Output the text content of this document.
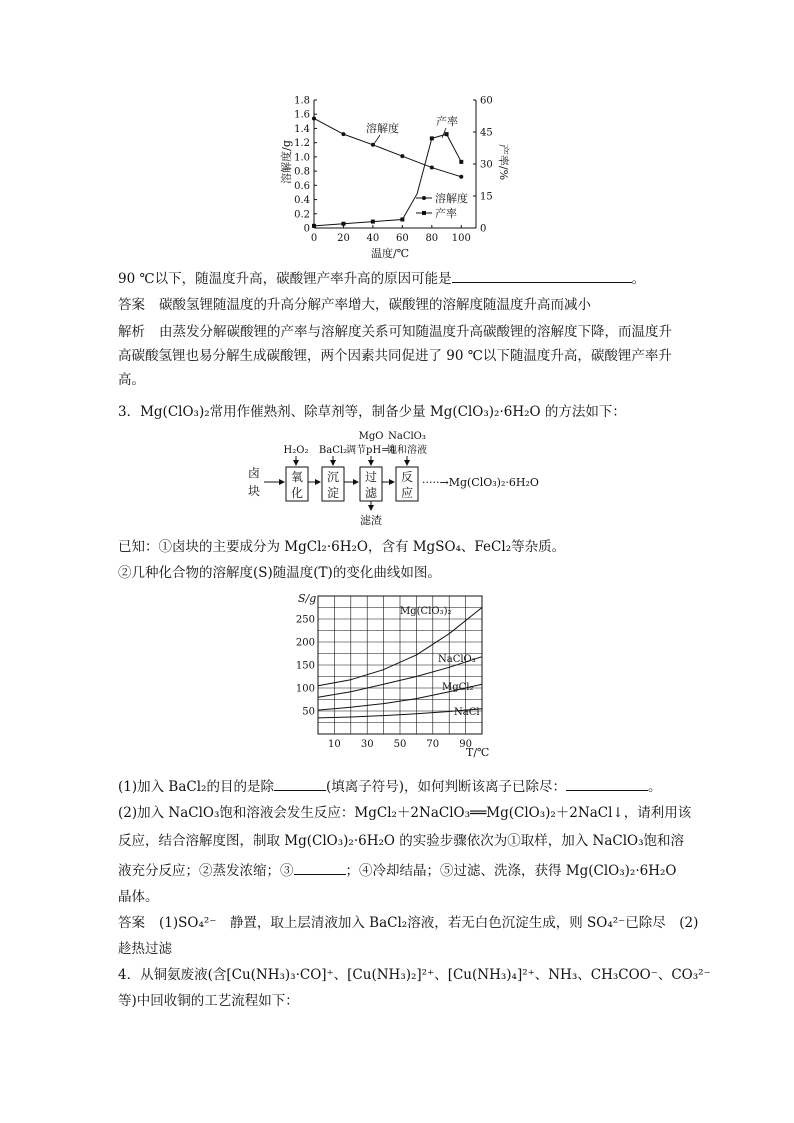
0
0.2
0.4
0.6
0.8
1.0
1.2
1.4
1.6
1.8
0
15
30
45
60
0 20 40 60 80 100
溶解度/g	产率/%
温度/℃
溶解度
产率
溶解度
产率
90 ℃以下，随温度升高，碳酸锂产率升高的原因可能是	。
答案 碳酸氢锂随温度的升高分解产率增大，碳酸锂的溶解度随温度升高而减小
解析 由蒸发分解碳酸锂的产率与溶解度关系可知随温度升高碳酸锂的溶解度下降，而温度升高碳酸氢锂也易分解生成碳酸锂，两个因素共同促进了 90 ℃以下随温度升高，碳酸锂产率升高。
3．Mg(ClO₃)₂常用作催熟剂、除草剂等，制备少量 Mg(ClO₃)₂·6H₂O 的方法如下：
卤
块
H₂O₂
氧
化
BaCl₂
沉
淀
MgO
调节pH=4
过
滤
滤渣
NaClO₃
饱和溶液
反
应
·····→Mg(ClO₃)₂·6H₂O
已知：①卤块的主要成分为 MgCl₂·6H₂O，含有 MgSO₄、FeCl₂等杂质。
②几种化合物的溶解度(S)随温度(T)的变化曲线如图。
50
100
150
200
250
10 30 50 70 90
S/g
T/℃
Mg(ClO₃)₂
NaClO₃
MgCl₂
NaCl
(1)加入 BaCl₂的目的是除	(填离子符号)，如何判断该离子已除尽：	。
(2)加入 NaClO₃饱和溶液会发生反应：MgCl₂＋2NaClO₃══Mg(ClO₃)₂＋2NaCl↓，请利用该
反应，结合溶解度图，制取 Mg(ClO₃)₂·6H₂O 的实验步骤依次为①取样，加入 NaClO₃饱和溶
液充分反应；②蒸发浓缩；③	；④冷却结晶；⑤过滤、洗涤，获得 Mg(ClO₃)₂·6H₂O
晶体。
答案 (1)SO₄²⁻　静置，取上层清液加入 BaCl₂溶液，若无白色沉淀生成，则 SO₄²⁻已除尽　(2)
趁热过滤
4．从铜氨废液(含[Cu(NH₃)₃·CO]⁺、[Cu(NH₃)₂]²⁺、[Cu(NH₃)₄]²⁺、NH₃、CH₃COO⁻、CO₃²⁻
等)中回收铜的工艺流程如下：
